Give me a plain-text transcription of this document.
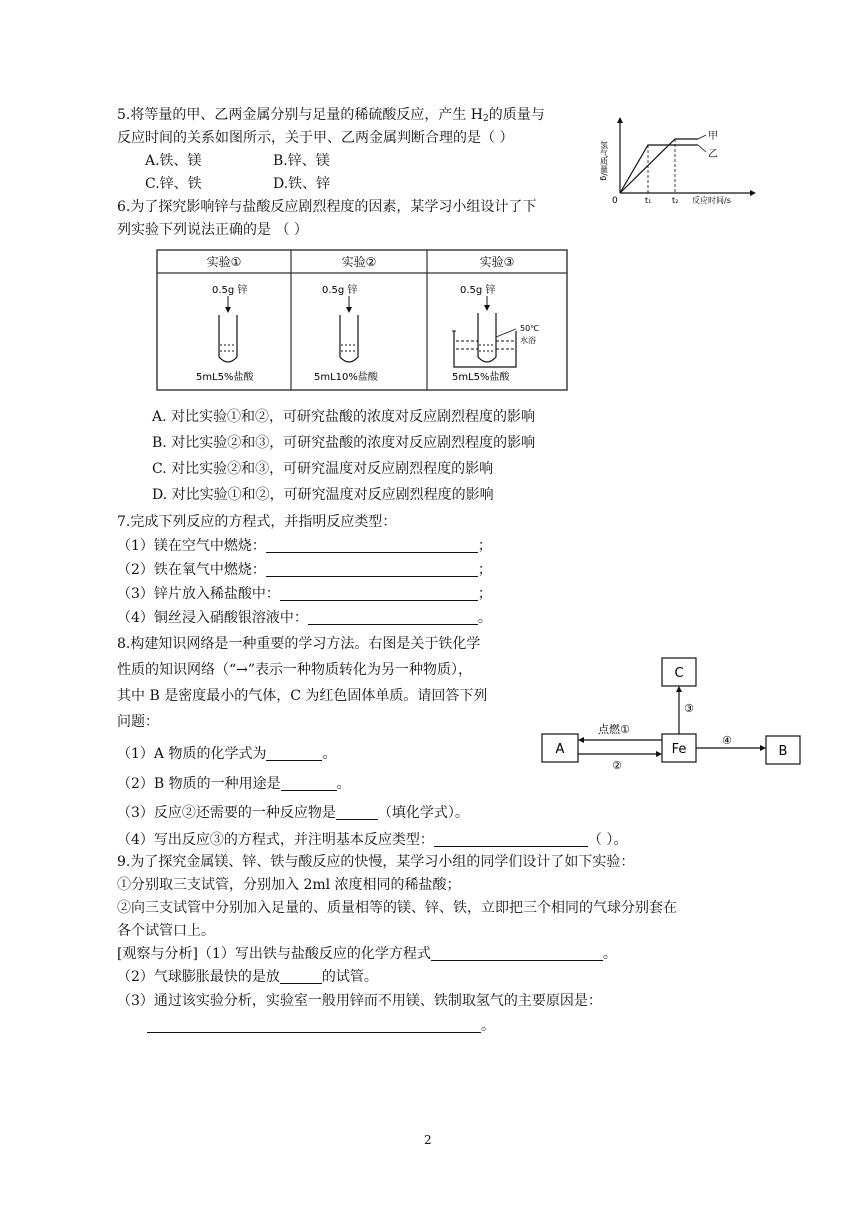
5.将等量的甲、乙两金属分别与足量的稀硫酸反应，产生 $H_2$的质量与
反应时间的关系如图所示，关于甲、乙两金属判断合理的是（ ）
A.铁、镁	B.锌、镁
C.锌、铁	D.铁、锌
甲
乙
0	t₁	t₂ 反应时间/s
氢气质量/g
6.为了探究影响锌与盐酸反应剧烈程度的因素，某学习小组设计了下
列实验下列说法正确的是 （ ）
实验①	实验②	实验③
0.5g 锌
5mL5%盐酸
0.5g 锌
5mL10%盐酸
0.5g 锌
50℃
水浴
5mL5%盐酸
A. 对比实验①和②，可研究盐酸的浓度对反应剧烈程度的影响
B. 对比实验②和③，可研究盐酸的浓度对反应剧烈程度的影响
C. 对比实验②和③，可研究温度对反应剧烈程度的影响
D. 对比实验①和②，可研究温度对反应剧烈程度的影响
7.完成下列反应的方程式，并指明反应类型：
（1）镁在空气中燃烧：	；
（2）铁在氧气中燃烧：	；
（3）锌片放入稀盐酸中：	；
（4）铜丝浸入硝酸银溶液中：	。
8.构建知识网络是一种重要的学习方法。右图是关于铁化学
性质的知识网络（“→”表示一种物质转化为另一种物质），
其中 B 是密度最小的气体，C 为红色固体单质。请回答下列
问题：
（1）A 物质的化学式为	。
（2）B 物质的一种用途是	。
（3）反应②还需要的一种反应物是	（填化学式）。
（4）写出反应③的方程式，并注明基本反应类型：	（ ）。
C
A	Fe	B
点燃①
②
③
④
9.为了探究金属镁、锌、铁与酸反应的快慢，某学习小组的同学们设计了如下实验：
①分别取三支试管，分别加入 2ml 浓度相同的稀盐酸；
②向三支试管中分别加入足量的、质量相等的镁、锌、铁，立即把三个相同的气球分别套在
各个试管口上。
[观察与分析]（1）写出铁与盐酸反应的化学方程式	。
（2）气球膨胀最快的是放	的试管。
（3）通过该实验分析，实验室一般用锌而不用镁、铁制取氢气的主要原因是：
。
2
